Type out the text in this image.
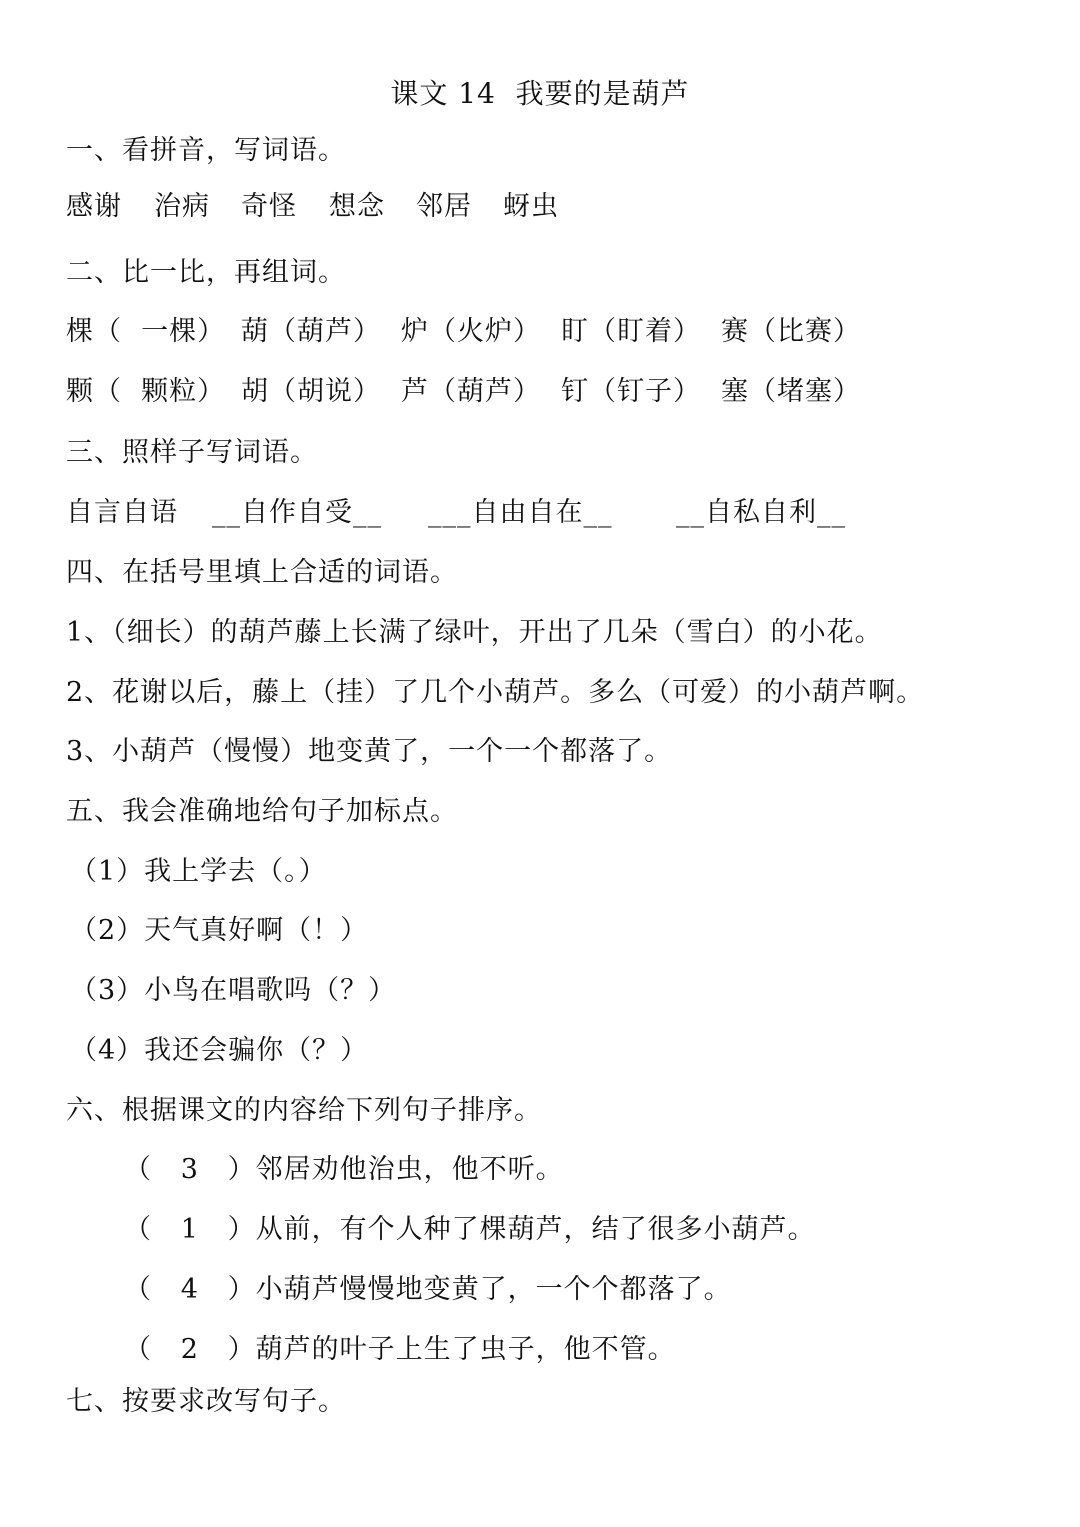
课文 14  我要的是葫芦
一、看拼音，写词语。
感谢 治病 奇怪 想念 邻居 蚜虫
二、比一比，再组词。
棵（  一棵） 葫（葫芦） 炉（火炉） 盯（盯着） 赛（比赛）
颗（  颗粒） 胡（胡说） 芦（葫芦） 钉（钉子） 塞（堵塞）
三、照样子写词语。
自言自语 __自作自受__ ___自由自在__ __自私自利__
四、在括号里填上合适的词语。
1、（细长）的葫芦藤上长满了绿叶，开出了几朵（雪白）的小花。
2、花谢以后，藤上（挂）了几个小葫芦。多么（可爱）的小葫芦啊。
3、小葫芦（慢慢）地变黄了，一个一个都落了。
五、我会准确地给句子加标点。
（1）我上学去（。）
（2）天气真好啊（！）
（3）小鸟在唱歌吗（？）
（4）我还会骗你（？）
六、根据课文的内容给下列句子排序。
（   3   ）邻居劝他治虫，他不听。
（   1   ）从前，有个人种了棵葫芦，结了很多小葫芦。
（   4   ）小葫芦慢慢地变黄了，一个个都落了。
（   2   ）葫芦的叶子上生了虫子，他不管。
七、按要求改写句子。
